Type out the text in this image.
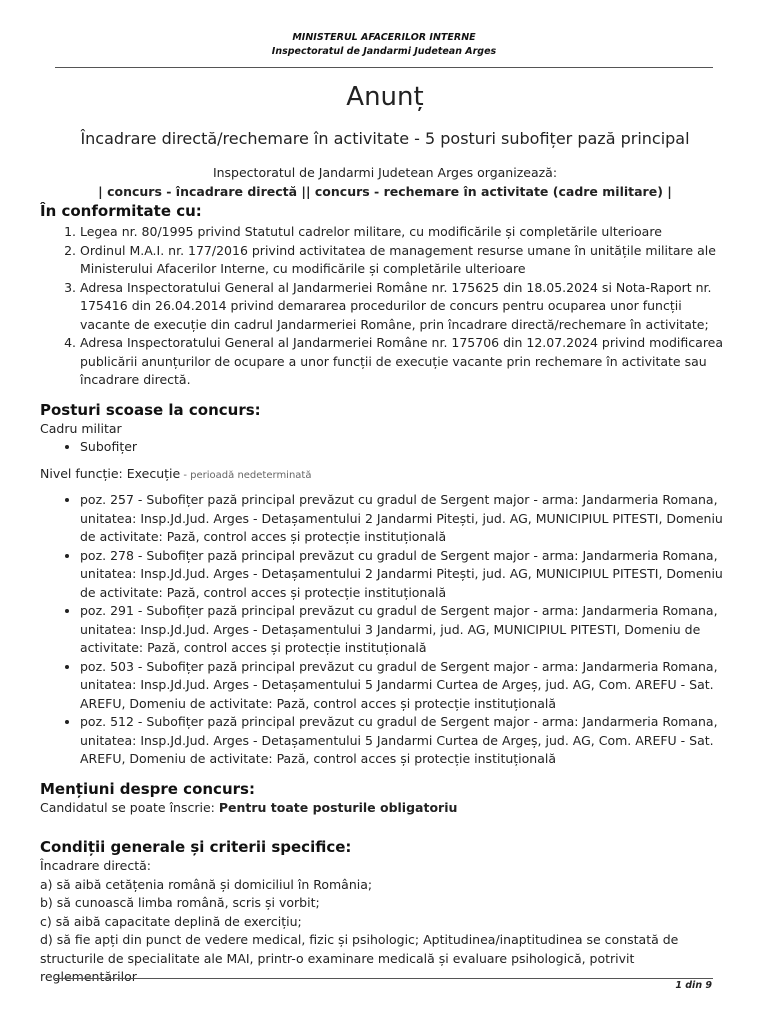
MINISTERUL AFACERILOR INTERNE
Inspectoratul de Jandarmi Judetean Arges
Anunț
Încadrare directă/rechemare în activitate - 5 posturi subofițer pază principal
Inspectoratul de Jandarmi Judetean Arges organizează:
| concurs - încadrare directă || concurs - rechemare în activitate (cadre militare) |
În conformitate cu:
1. Legea nr. 80/1995 privind Statutul cadrelor militare, cu modificările și completările ulterioare
2. Ordinul M.A.I. nr. 177/2016 privind activitatea de management resurse umane în unitățile militare ale Ministerului Afacerilor Interne, cu modificările și completările ulterioare
3. Adresa Inspectoratului General al Jandarmeriei Române nr. 175625 din 18.05.2024 si Nota-Raport nr. 175416 din 26.04.2014 privind demararea procedurilor de concurs pentru ocuparea unor funcții vacante de execuție din cadrul Jandarmeriei Române, prin încadrare directă/rechemare în activitate;
4. Adresa Inspectoratului General al Jandarmeriei Române nr. 175706 din 12.07.2024 privind modificarea publicării anunțurilor de ocupare a unor funcții de execuție vacante prin rechemare în activitate sau încadrare directă.
Posturi scoase la concurs:
Cadru militar
• Subofițer
Nivel funcție: Execuție - perioadă nedeterminată
• poz. 257 - Subofițer pază principal prevăzut cu gradul de Sergent major - arma: Jandarmeria Romana, unitatea: Insp.Jd.Jud. Arges - Detașamentului 2 Jandarmi Pitești, jud. AG, MUNICIPIUL PITESTI, Domeniu de activitate: Pază, control acces și protecție instituțională
• poz. 278 - Subofițer pază principal prevăzut cu gradul de Sergent major - arma: Jandarmeria Romana, unitatea: Insp.Jd.Jud. Arges - Detașamentului 2 Jandarmi Pitești, jud. AG, MUNICIPIUL PITESTI, Domeniu de activitate: Pază, control acces și protecție instituțională
• poz. 291 - Subofițer pază principal prevăzut cu gradul de Sergent major - arma: Jandarmeria Romana, unitatea: Insp.Jd.Jud. Arges - Detașamentului 3 Jandarmi, jud. AG, MUNICIPIUL PITESTI, Domeniu de activitate: Pază, control acces și protecție instituțională
• poz. 503 - Subofițer pază principal prevăzut cu gradul de Sergent major - arma: Jandarmeria Romana, unitatea: Insp.Jd.Jud. Arges - Detașamentului 5 Jandarmi Curtea de Argeș, jud. AG, Com. AREFU - Sat. AREFU, Domeniu de activitate: Pază, control acces și protecție instituțională
• poz. 512 - Subofițer pază principal prevăzut cu gradul de Sergent major - arma: Jandarmeria Romana, unitatea: Insp.Jd.Jud. Arges - Detașamentului 5 Jandarmi Curtea de Argeș, jud. AG, Com. AREFU - Sat. AREFU, Domeniu de activitate: Pază, control acces și protecție instituțională
Mențiuni despre concurs:
Candidatul se poate înscrie: Pentru toate posturile obligatoriu
Condiții generale și criterii specifice:
Încadrare directă:
a) să aibă cetățenia română și domiciliul în România;
b) să cunoască limba română, scris și vorbit;
c) să aibă capacitate deplină de exercițiu;
d) să fie apți din punct de vedere medical, fizic și psihologic; Aptitudinea/inaptitudinea se constată de structurile de specialitate ale MAI, printr-o examinare medicală și evaluare psihologică, potrivit reglementărilor
1 din 9
